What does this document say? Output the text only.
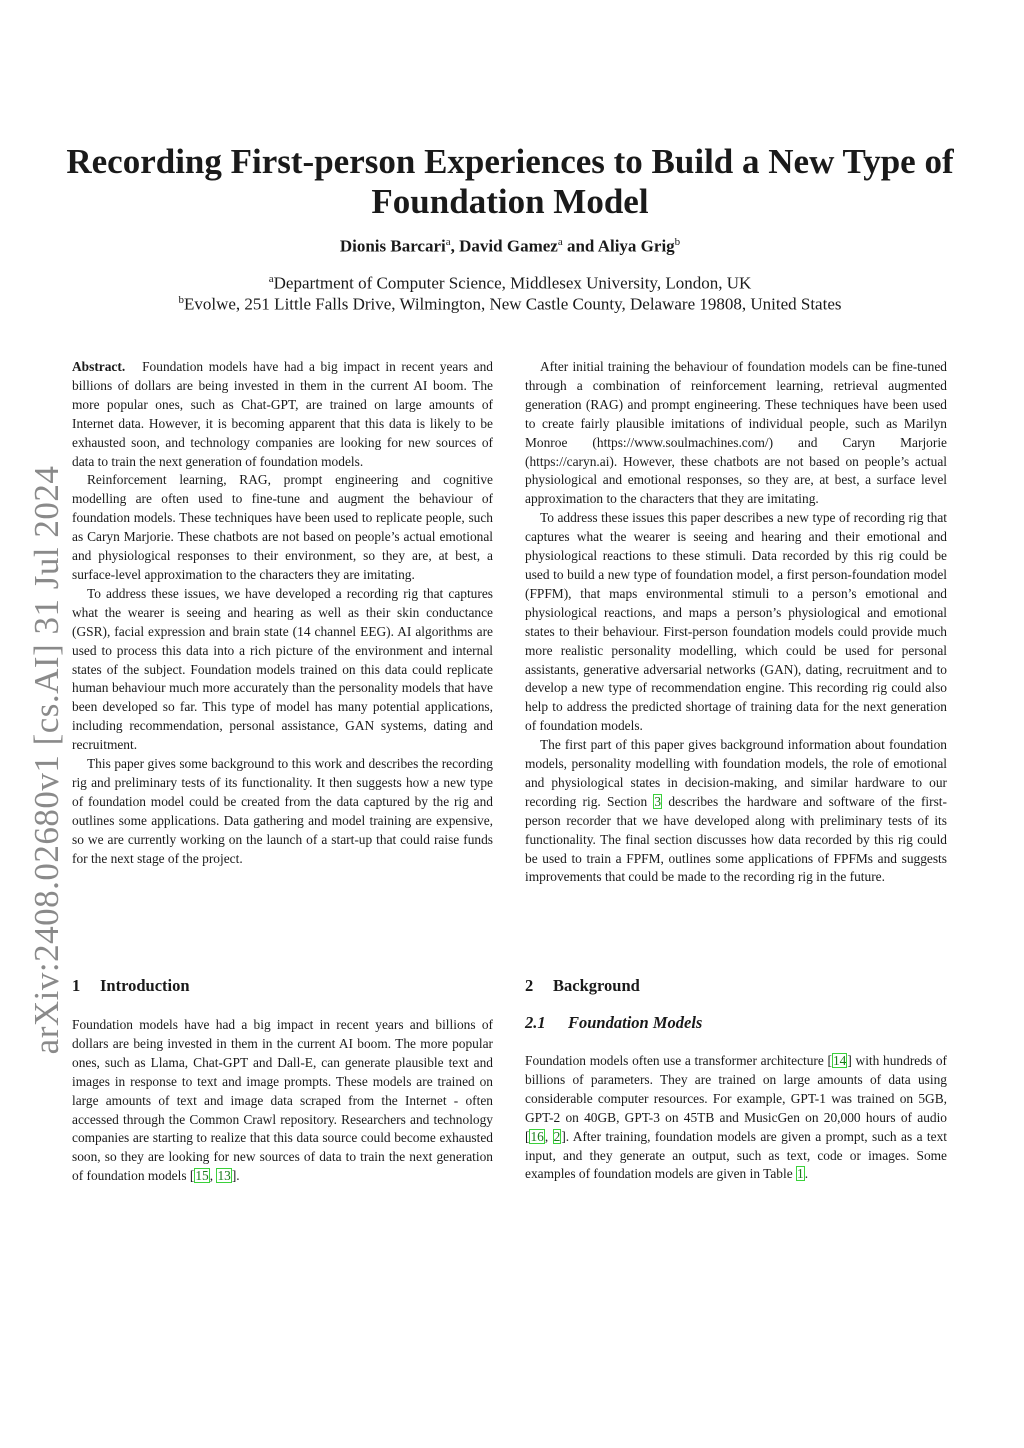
arXiv:2408.02680v1 [cs.AI] 31 Jul 2024
Recording First-person Experiences to Build a New Type of Foundation Model
Dionis Barcari$^a$, David Gamez$^a$ and Aliya Grig$^b$
$^a$Department of Computer Science, Middlesex University, London, UK
$^b$Evolwe, 251 Little Falls Drive, Wilmington, New Castle County, Delaware 19808, United States

Abstract. Foundation models have had a big impact in recent years and billions of dollars are being invested in them in the current AI boom. The more popular ones, such as Chat-GPT, are trained on large amounts of Internet data. However, it is becoming apparent that this data is likely to be exhausted soon, and technology companies are looking for new sources of data to train the next generation of foundation models.

Reinforcement learning, RAG, prompt engineering and cognitive modelling are often used to fine-tune and augment the behaviour of foundation models. These techniques have been used to replicate people, such as Caryn Marjorie. These chatbots are not based on people’s actual emotional and physiological responses to their environment, so they are, at best, a surface-level approximation to the characters they are imitating.

To address these issues, we have developed a recording rig that captures what the wearer is seeing and hearing as well as their skin conductance (GSR), facial expression and brain state (14 channel EEG). AI algorithms are used to process this data into a rich picture of the environment and internal states of the subject. Foundation models trained on this data could replicate human behaviour much more accurately than the personality models that have been developed so far. This type of model has many potential applications, including recommendation, personal assistance, GAN systems, dating and recruitment.

This paper gives some background to this work and describes the recording rig and preliminary tests of its functionality. It then suggests how a new type of foundation model could be created from the data captured by the rig and outlines some applications. Data gathering and model training are expensive, so we are currently working on the launch of a start-up that could raise funds for the next stage of the project.

1 Introduction

Foundation models have had a big impact in recent years and billions of dollars are being invested in them in the current AI boom. The more popular ones, such as Llama, Chat-GPT and Dall-E, can generate plausible text and images in response to text and image prompts. These models are trained on large amounts of text and image data scraped from the Internet - often accessed through the Common Crawl repository. Researchers and technology companies are starting to realize that this data source could become exhausted soon, so they are looking for new sources of data to train the next generation of foundation models [15, 13].

After initial training the behaviour of foundation models can be fine-tuned through a combination of reinforcement learning, retrieval augmented generation (RAG) and prompt engineering. These techniques have been used to create fairly plausible imitations of individual people, such as Marilyn Monroe (https://www.soulmachines.com/) and Caryn Marjorie (https://caryn.ai). However, these chatbots are not based on people’s actual physiological and emotional responses, so they are, at best, a surface level approximation to the characters that they are imitating.

To address these issues this paper describes a new type of recording rig that captures what the wearer is seeing and hearing and their emotional and physiological reactions to these stimuli. Data recorded by this rig could be used to build a new type of foundation model, a first person-foundation model (FPFM), that maps environmental stimuli to a person’s emotional and physiological reactions, and maps a person’s physiological and emotional states to their behaviour. First-person foundation models could provide much more realistic personality modelling, which could be used for personal assistants, generative adversarial networks (GAN), dating, recruitment and to develop a new type of recommendation engine. This recording rig could also help to address the predicted shortage of training data for the next generation of foundation models.

The first part of this paper gives background information about foundation models, personality modelling with foundation models, the role of emotional and physiological states in decision-making, and similar hardware to our recording rig. Section 3 describes the hardware and software of the first-person recorder that we have developed along with preliminary tests of its functionality. The final section discusses how data recorded by this rig could be used to train a FPFM, outlines some applications of FPFMs and suggests improvements that could be made to the recording rig in the future.

2 Background
2.1 Foundation Models

Foundation models often use a transformer architecture [14] with hundreds of billions of parameters. They are trained on large amounts of data using considerable computer resources. For example, GPT-1 was trained on 5GB, GPT-2 on 40GB, GPT-3 on 45TB and MusicGen on 20,000 hours of audio [16, 2]. After training, foundation models are given a prompt, such as a text input, and they generate an output, such as text, code or images. Some examples of foundation models are given in Table 1.
